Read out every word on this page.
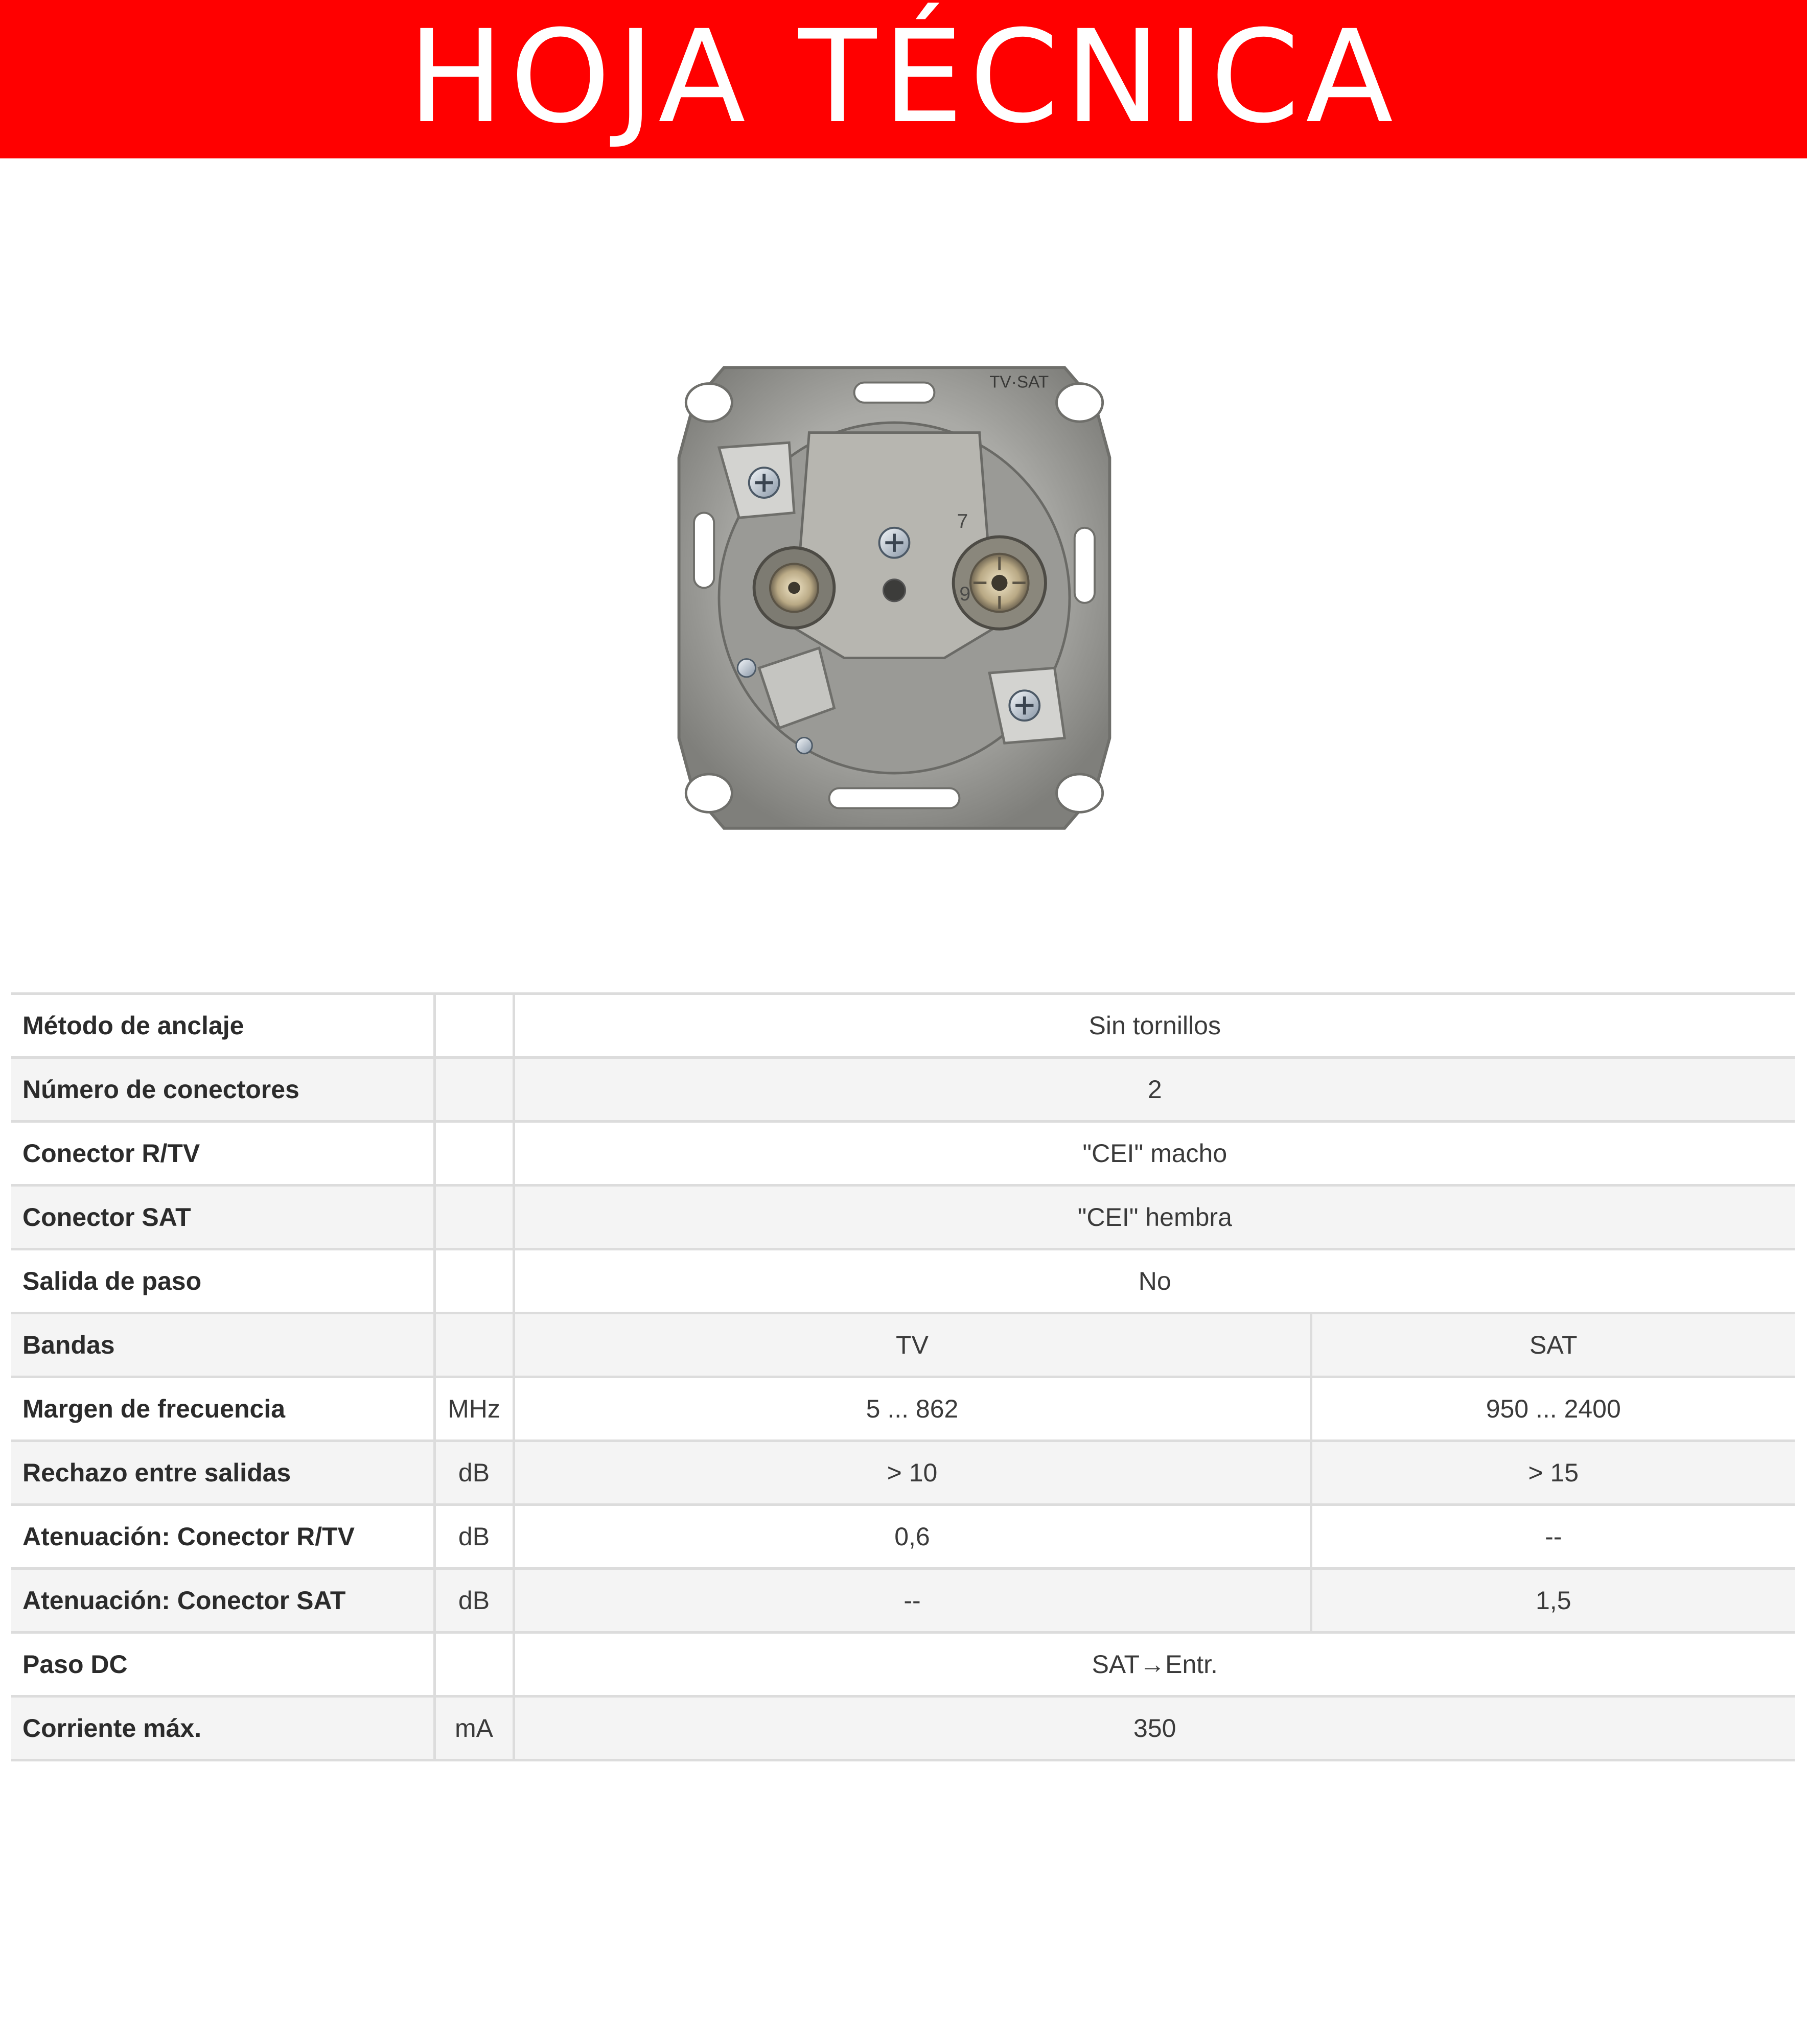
HOJA TÉCNICA
TV·SAT
7
9
Método de anclaje		Sin tornillos	
Número de conectores		2	
Conector R/TV		"CEI" macho	
Conector SAT		"CEI" hembra	
Salida de paso		No	
Bandas		TV	SAT
Margen de frecuencia	MHz	5 ... 862	950 ... 2400
Rechazo entre salidas	dB	> 10	> 15
Atenuación: Conector R/TV	dB	0,6	--
Atenuación: Conector SAT	dB	--	1,5
Paso DC		SAT→Entr.	
Corriente máx.	mA	350	
